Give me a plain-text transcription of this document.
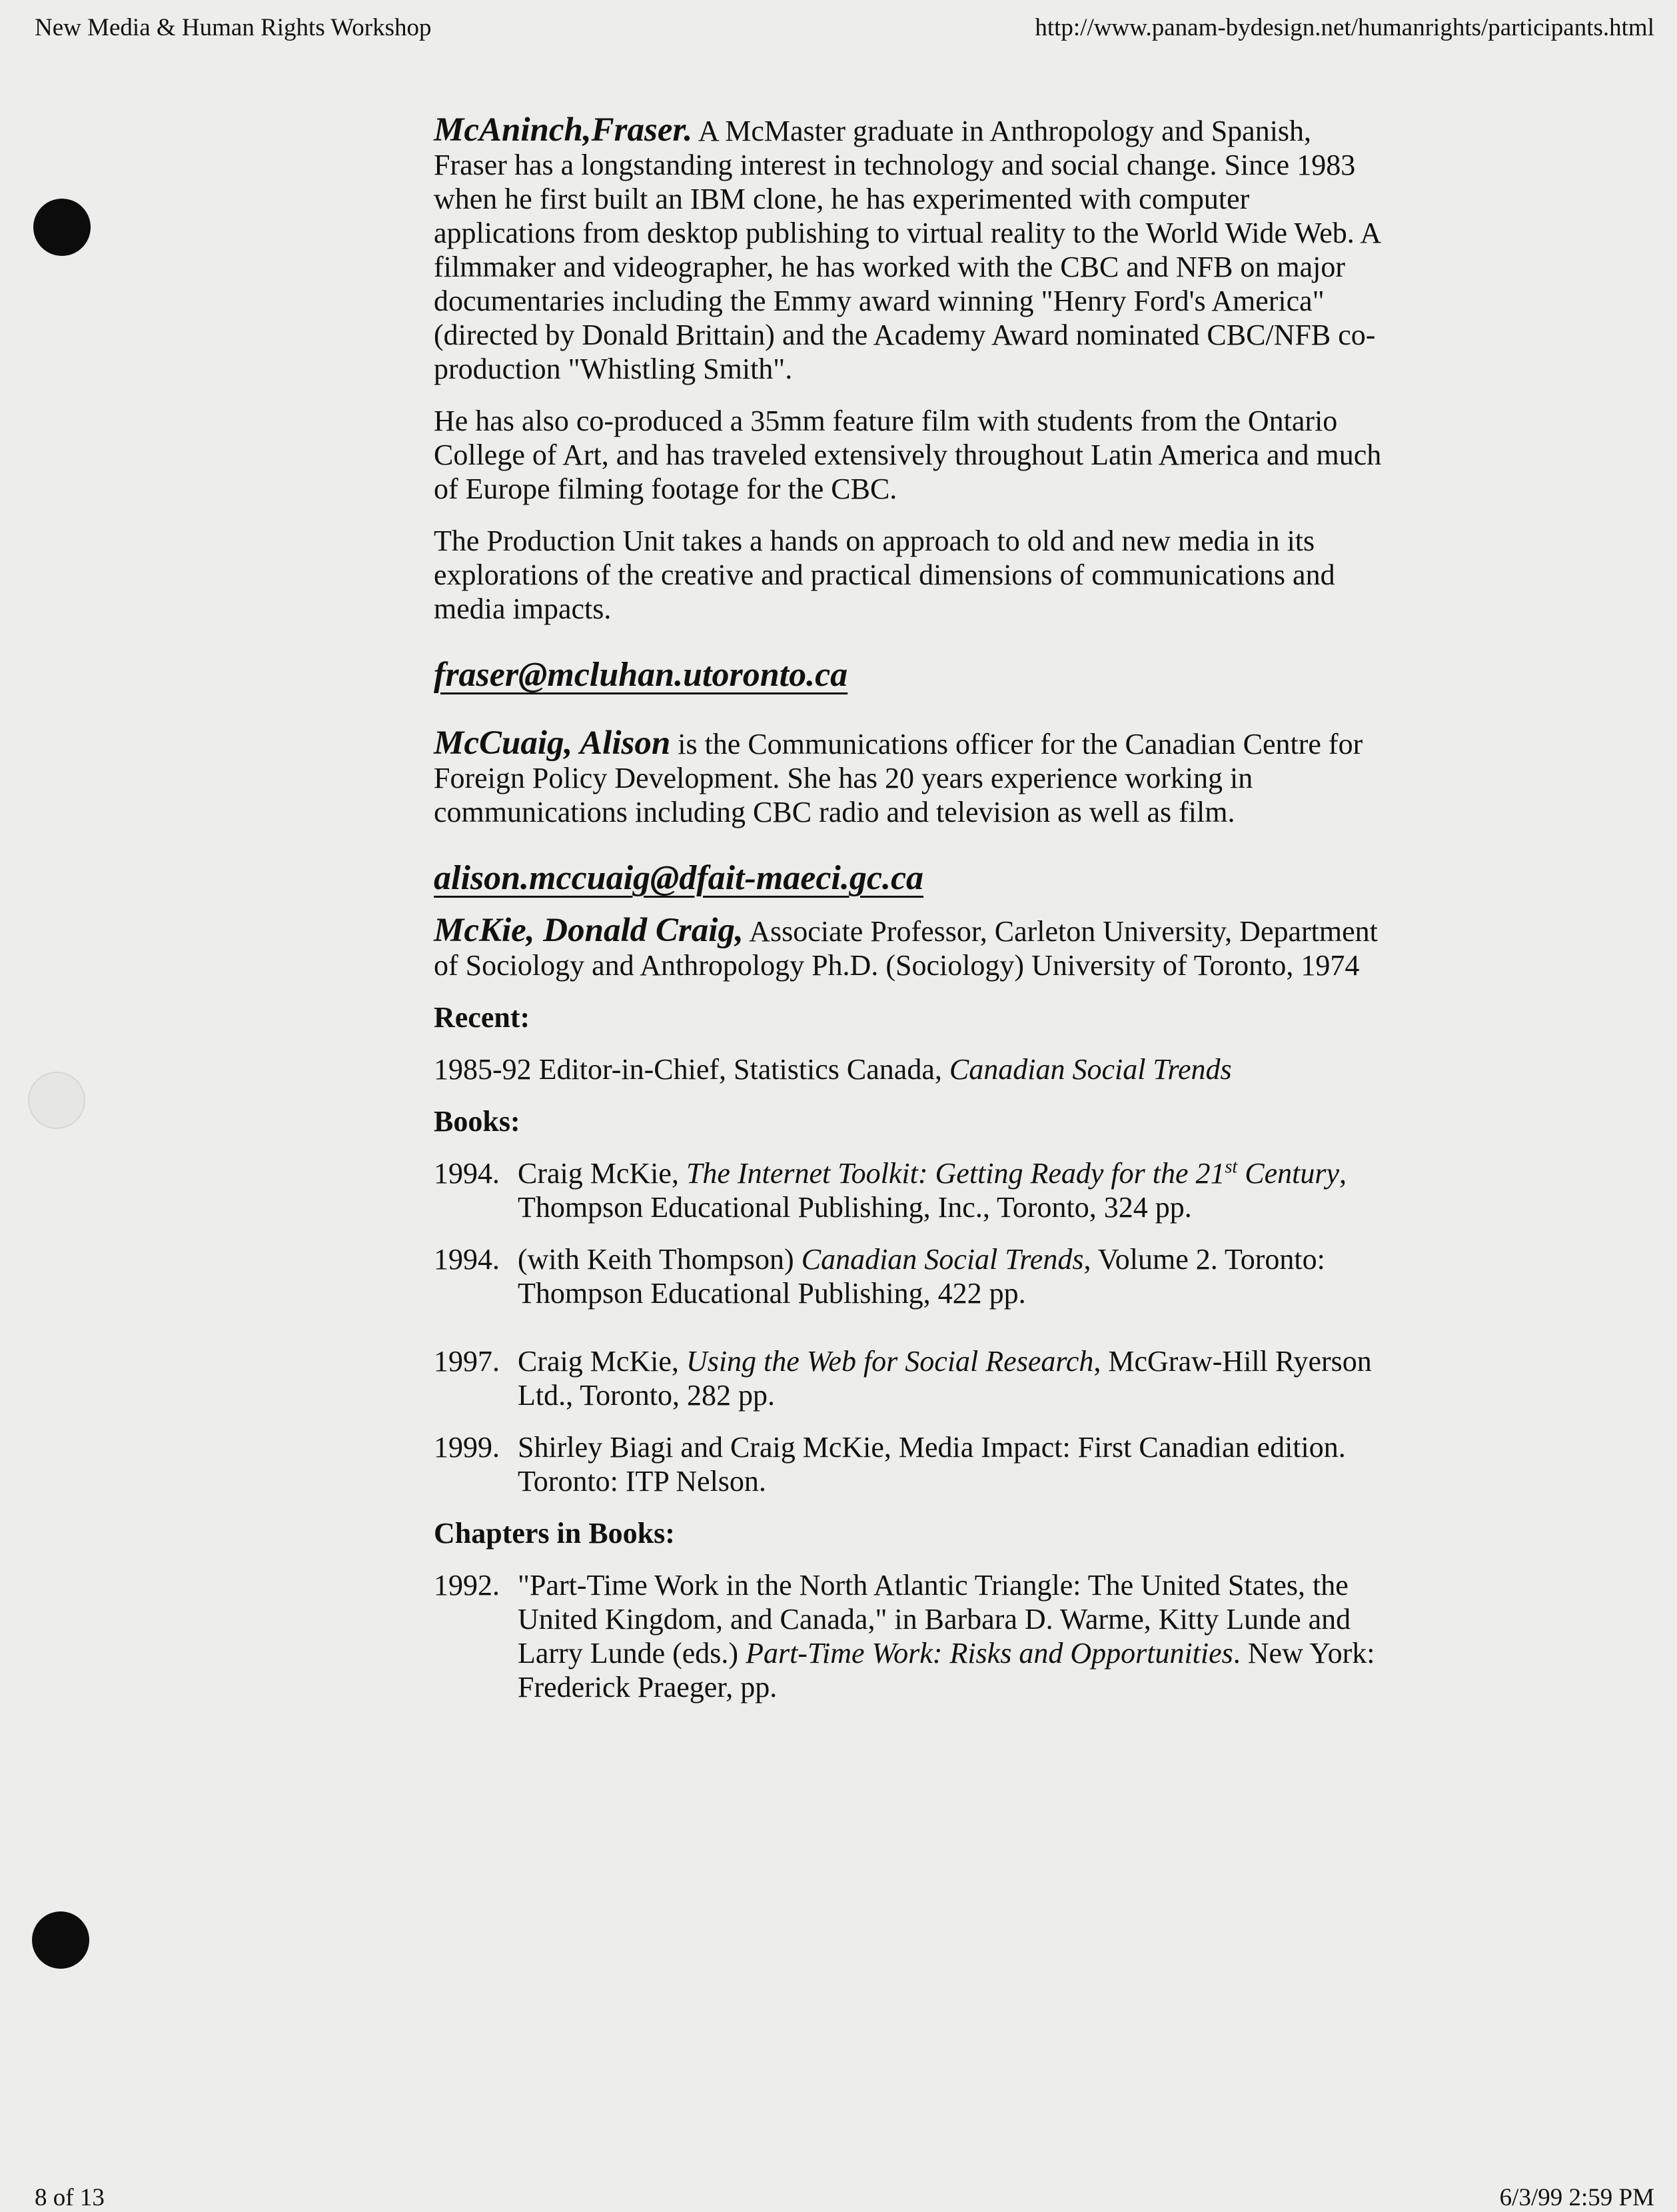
New Media & Human Rights Workshop	http://www.panam-bydesign.net/humanrights/participants.html

McAninch,Fraser. A McMaster graduate in Anthropology and Spanish, Fraser has a longstanding interest in technology and social change. Since 1983 when he first built an IBM clone, he has experimented with computer applications from desktop publishing to virtual reality to the World Wide Web. A filmmaker and videographer, he has worked with the CBC and NFB on major documentaries including the Emmy award winning "Henry Ford's America" (directed by Donald Brittain) and the Academy Award nominated CBC/NFB co-production "Whistling Smith".

He has also co-produced a 35mm feature film with students from the Ontario College of Art, and has traveled extensively throughout Latin America and much of Europe filming footage for the CBC.

The Production Unit takes a hands on approach to old and new media in its explorations of the creative and practical dimensions of communications and media impacts.

fraser@mcluhan.utoronto.ca

McCuaig, Alison is the Communications officer for the Canadian Centre for Foreign Policy Development. She has 20 years experience working in communications including CBC radio and television as well as film.

alison.mccuaig@dfait-maeci.gc.ca

McKie, Donald Craig, Associate Professor, Carleton University, Department of Sociology and Anthropology Ph.D. (Sociology) University of Toronto, 1974

Recent:

1985-92 Editor-in-Chief, Statistics Canada, Canadian Social Trends

Books:

1994. Craig McKie, The Internet Toolkit: Getting Ready for the 21st Century, Thompson Educational Publishing, Inc., Toronto, 324 pp.
1994. (with Keith Thompson) Canadian Social Trends, Volume 2. Toronto: Thompson Educational Publishing, 422 pp.
1997. Craig McKie, Using the Web for Social Research, McGraw-Hill Ryerson Ltd., Toronto, 282 pp.
1999. Shirley Biagi and Craig McKie, Media Impact: First Canadian edition. Toronto: ITP Nelson.

Chapters in Books:

1992. "Part-Time Work in the North Atlantic Triangle: The United States, the United Kingdom, and Canada," in Barbara D. Warme, Kitty Lunde and Larry Lunde (eds.) Part-Time Work: Risks and Opportunities. New York: Frederick Praeger, pp.
8 of 13	6/3/99 2:59 PM
